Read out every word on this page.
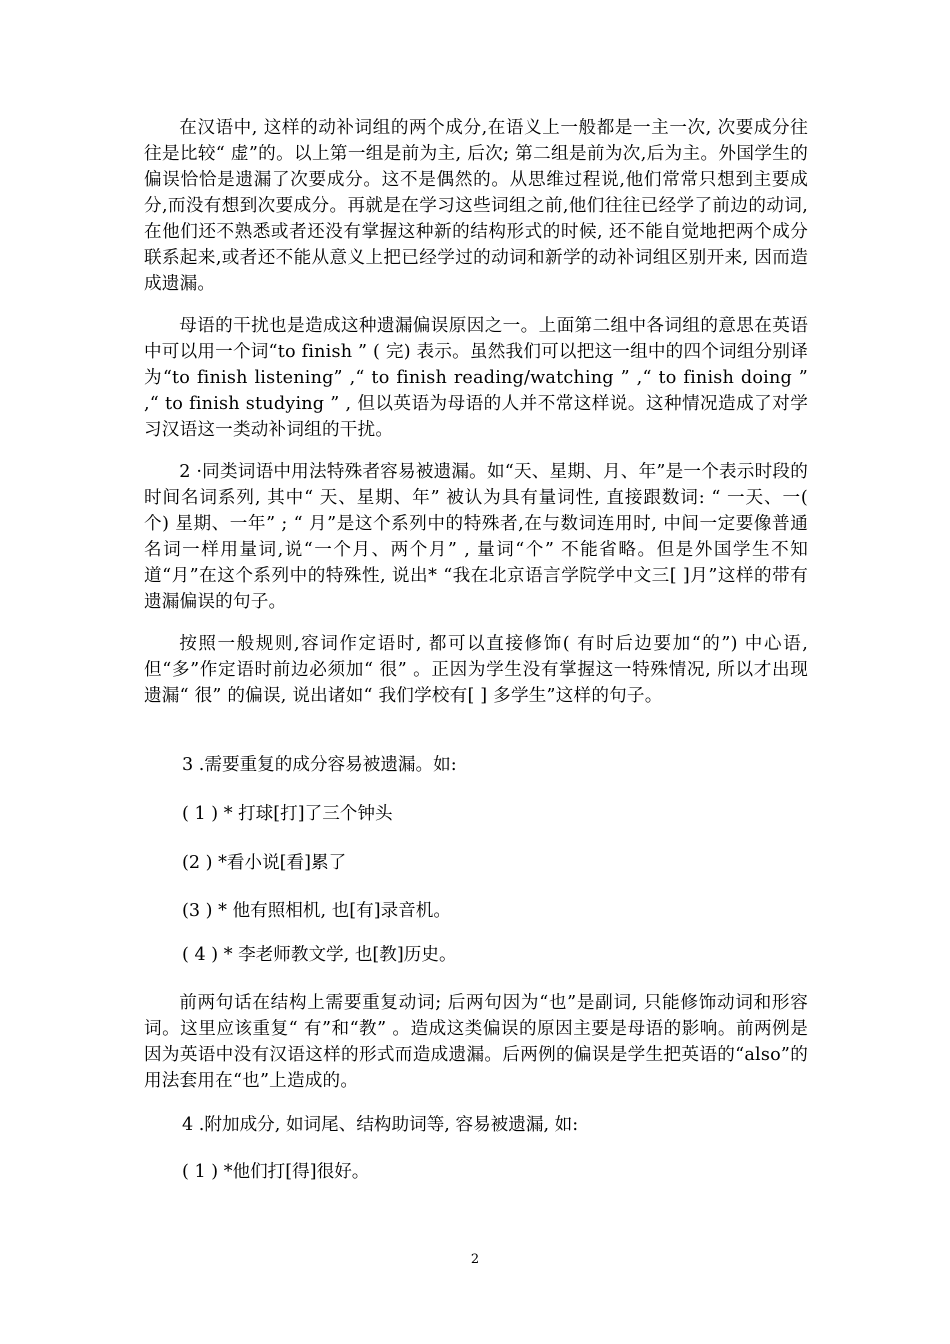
在汉语中, 这样的动补词组的两个成分,在语义上一般都是一主一次, 次要成分往往是比较“ 虚”的。以上第一组是前为主, 后次; 第二组是前为次,后为主。外国学生的偏误恰恰是遗漏了次要成分。这不是偶然的。从思维过程说,他们常常只想到主要成分,而没有想到次要成分。再就是在学习这些词组之前,他们往往已经学了前边的动词, 在他们还不熟悉或者还没有掌握这种新的结构形式的时候, 还不能自觉地把两个成分联系起来,或者还不能从意义上把已经学过的动词和新学的动补词组区别开来, 因而造成遗漏。

母语的干扰也是造成这种遗漏偏误原因之一。上面第二组中各词组的意思在英语中可以用一个词“to finish ” ( 完) 表示。虽然我们可以把这一组中的四个词组分别译为“to finish listening” ,“ to finish reading/watching ” ,“ to finish doing ” ,“ to finish studying ” , 但以英语为母语的人并不常这样说。这种情况造成了对学习汉语这一类动补词组的干扰。

2 ·同类词语中用法特殊者容易被遗漏。如“天、星期、月、年”是一个表示时段的时间名词系列, 其中“ 天、星期、年” 被认为具有量词性, 直接跟数词: “ 一天、一( 个) 星期、一年” ; “ 月”是这个系列中的特殊者,在与数词连用时, 中间一定要像普通名词一样用量词,说“一个月、两个月” , 量词“个” 不能省略。但是外国学生不知道“月”在这个系列中的特殊性, 说出* “我在北京语言学院学中文三[ ]月”这样的带有遗漏偏误的句子。

按照一般规则,容词作定语时, 都可以直接修饰( 有时后边要加“的”) 中心语,但“多”作定语时前边必须加“ 很” 。正因为学生没有掌握这一特殊情况, 所以才出现遗漏“ 很” 的偏误, 说出诸如“ 我们学校有[ ] 多学生”这样的句子。

3 .需要重复的成分容易被遗漏。如:

( 1 ) * 打球[打]了三个钟头

(2 ) *看小说[看]累了

(3 ) * 他有照相机, 也[有]录音机。

( 4 ) * 李老师教文学, 也[教]历史。

前两句话在结构上需要重复动词; 后两句因为“也”是副词, 只能修饰动词和形容词。这里应该重复“ 有”和“教” 。造成这类偏误的原因主要是母语的影响。前两例是因为英语中没有汉语这样的形式而造成遗漏。后两例的偏误是学生把英语的“also”的用法套用在“也”上造成的。

4 .附加成分, 如词尾、结构助词等, 容易被遗漏, 如:

( 1 ) *他们打[得]很好。

2
